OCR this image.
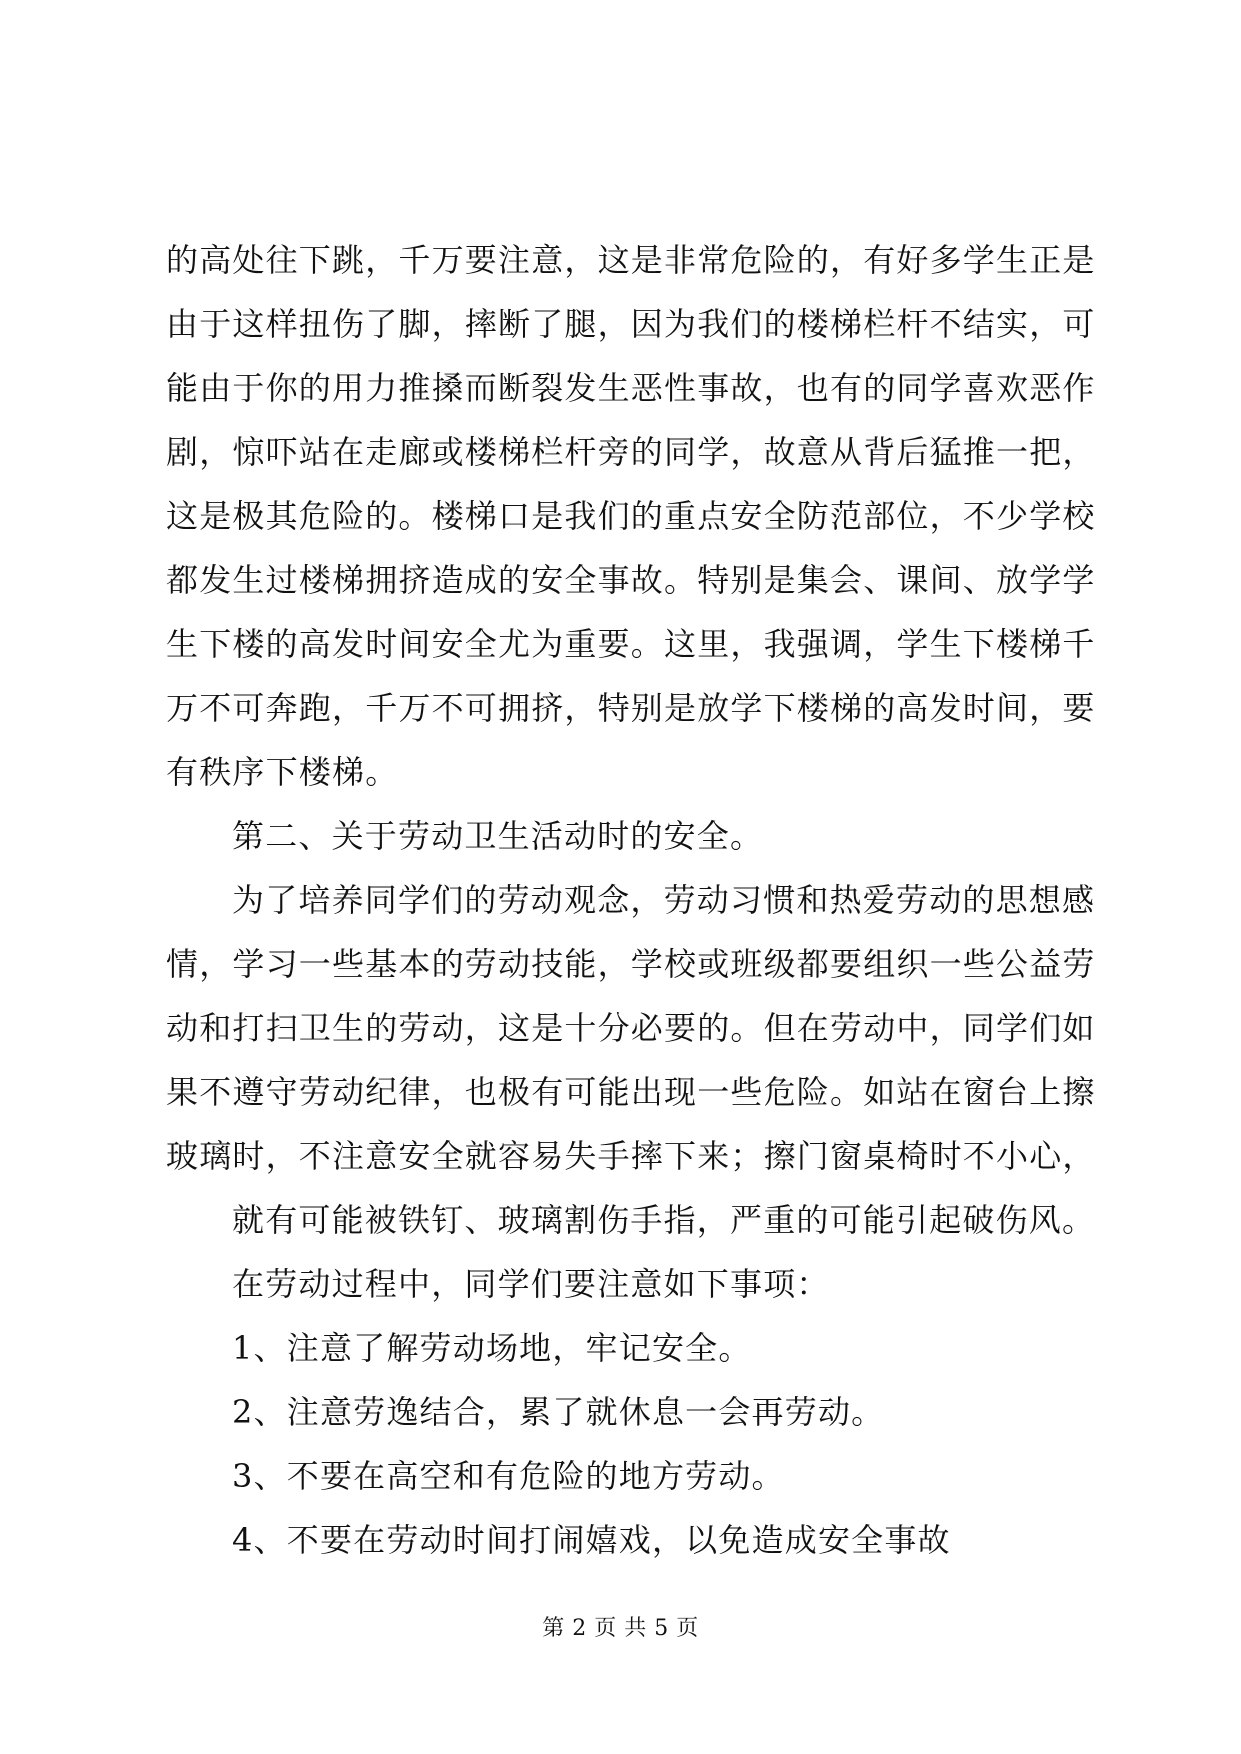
的高处往下跳，千万要注意，这是非常危险的，有好多学生正是
由于这样扭伤了脚，摔断了腿，因为我们的楼梯栏杆不结实，可
能由于你的用力推搡而断裂发生恶性事故，也有的同学喜欢恶作
剧，惊吓站在走廊或楼梯栏杆旁的同学，故意从背后猛推一把，
这是极其危险的。楼梯口是我们的重点安全防范部位，不少学校
都发生过楼梯拥挤造成的安全事故。特别是集会、课间、放学学
生下楼的高发时间安全尤为重要。这里，我强调，学生下楼梯千
万不可奔跑，千万不可拥挤，特别是放学下楼梯的高发时间，要
有秩序下楼梯。
第二、关于劳动卫生活动时的安全。
为了培养同学们的劳动观念，劳动习惯和热爱劳动的思想感
情，学习一些基本的劳动技能，学校或班级都要组织一些公益劳
动和打扫卫生的劳动，这是十分必要的。但在劳动中，同学们如
果不遵守劳动纪律，也极有可能出现一些危险。如站在窗台上擦
玻璃时，不注意安全就容易失手摔下来；擦门窗桌椅时不小心，
就有可能被铁钉、玻璃割伤手指，严重的可能引起破伤风。
在劳动过程中，同学们要注意如下事项：
1、注意了解劳动场地，牢记安全。
2、注意劳逸结合，累了就休息一会再劳动。
3、不要在高空和有危险的地方劳动。
4、不要在劳动时间打闹嬉戏，以免造成安全事故
第 2 页 共 5 页
